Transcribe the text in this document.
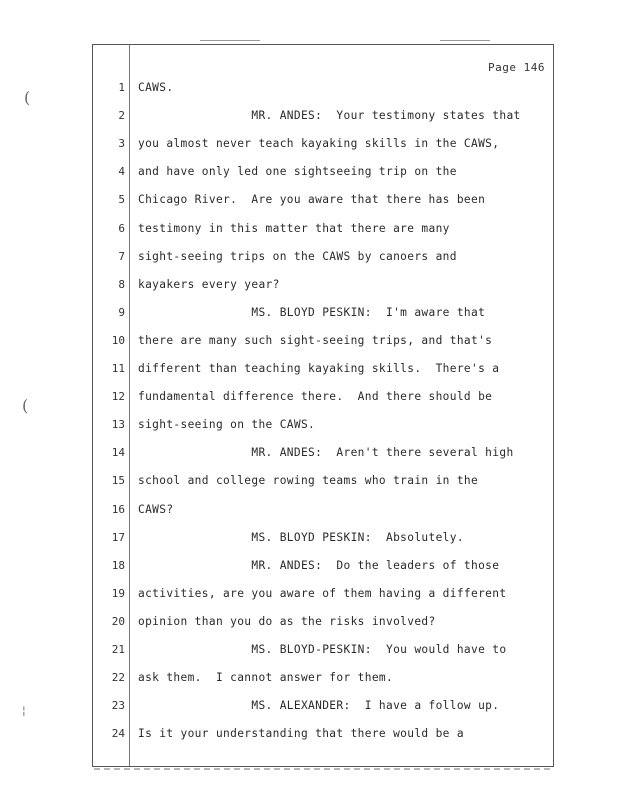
(
(
¦
Page 146
1 CAWS.
2 MR. ANDES:  Your testimony states that
3 you almost never teach kayaking skills in the CAWS,
4 and have only led one sightseeing trip on the
5 Chicago River.  Are you aware that there has been
6 testimony in this matter that there are many
7 sight-seeing trips on the CAWS by canoers and
8 kayakers every year?
9 MS. BLOYD PESKIN:  I'm aware that
10 there are many such sight-seeing trips, and that's
11 different than teaching kayaking skills.  There's a
12 fundamental difference there.  And there should be
13 sight-seeing on the CAWS.
14 MR. ANDES:  Aren't there several high
15 school and college rowing teams who train in the
16 CAWS?
17 MS. BLOYD PESKIN:  Absolutely.
18 MR. ANDES:  Do the leaders of those
19 activities, are you aware of them having a different
20 opinion than you do as the risks involved?
21 MS. BLOYD-PESKIN:  You would have to
22 ask them.  I cannot answer for them.
23 MS. ALEXANDER:  I have a follow up.
24 Is it your understanding that there would be a
